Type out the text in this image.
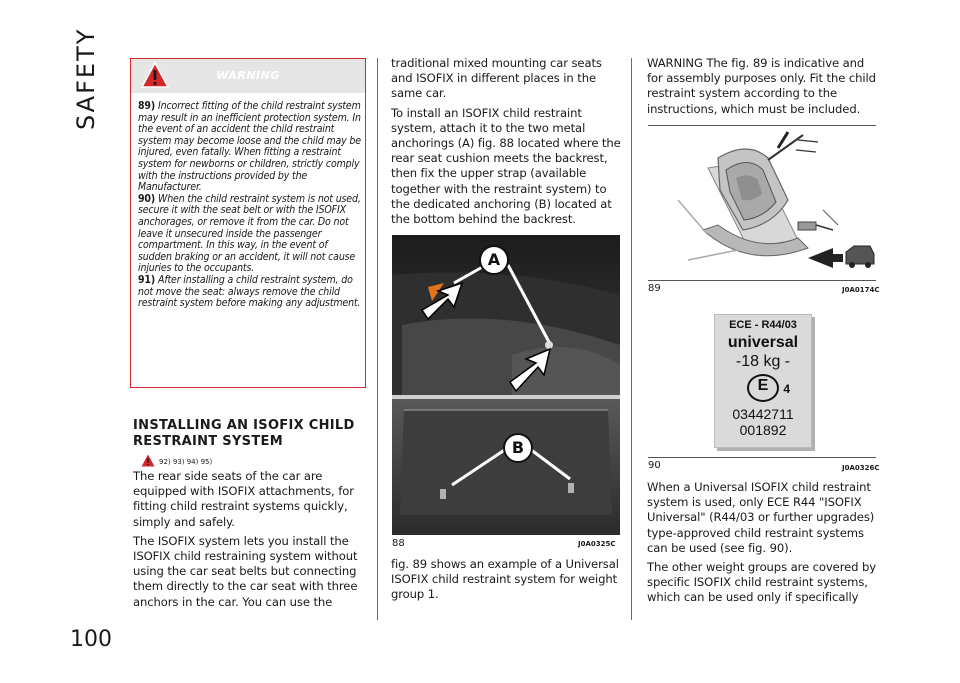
SAFETY
100
WARNING

89) Incorrect fitting of the child restraint system may result in an inefficient protection system. In the event of an accident the child restraint system may become loose and the child may be injured, even fatally. When fitting a restraint system for newborns or children, strictly comply with the instructions provided by the Manufacturer.

90) When the child restraint system is not used, secure it with the seat belt or with the ISOFIX anchorages, or remove it from the car. Do not leave it unsecured inside the passenger compartment. In this way, in the event of sudden braking or an accident, it will not cause injuries to the occupants.

91) After installing a child restraint system, do not move the seat: always remove the child restraint system before making any adjustment.

INSTALLING AN ISOFIX CHILD RESTRAINT SYSTEM
92) 93) 94) 95)

The rear side seats of the car are equipped with ISOFIX attachments, for fitting child restraint systems quickly, simply and safely.

The ISOFIX system lets you install the ISOFIX child restraining system without using the car seat belts but connecting them directly to the car seat with three anchors in the car. You can use the

traditional mixed mounting car seats and ISOFIX in different places in the same car.

To install an ISOFIX child restraint system, attach it to the two metal anchorings (A) fig. 88 located where the rear seat cushion meets the backrest, then fix the upper strap (available together with the restraint system) to the dedicated anchoring (B) located at the bottom behind the backrest.

A
B
88	J0A0325C

fig. 89 shows an example of a Universal ISOFIX child restraint system for weight group 1.

WARNING The fig. 89 is indicative and for assembly purposes only. Fit the child restraint system according to the instructions, which must be included.

89	J0A0174C
ECE - R44/03
universal
-18 kg -
E 4
03442711
001892
90	J0A0326C

When a Universal ISOFIX child restraint system is used, only ECE R44 "ISOFIX Universal" (R44/03 or further upgrades) type-approved child restraint systems can be used (see fig. 90).

The other weight groups are covered by specific ISOFIX child restraint systems, which can be used only if specifically
